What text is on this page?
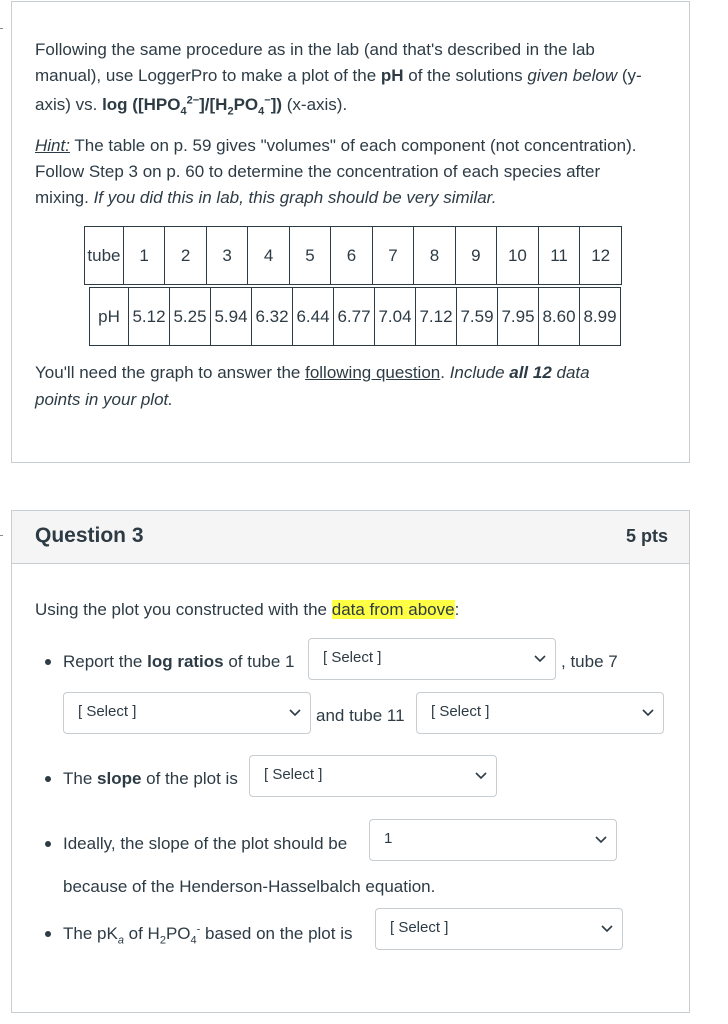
Following the same procedure as in the lab (and that's described in the lab

manual), use LoggerPro to make a plot of the pH of the solutions given below (y-

axis) vs. $\log ([HPO_4^{2-}]/[H_2PO_4^-])$ (x-axis).

Hint: The table on p. 59 gives "volumes" of each component (not concentration).

Follow Step 3 on p. 60 to determine the concentration of each species after

mixing. If you did this in lab, this graph should be very similar.

tube	1	2	3	4	5	6	7	8	9	10	11	12
pH	5.12	5.25	5.94	6.32	6.44	6.77	7.04	7.12	7.59	7.95	8.60	8.99

You'll need the graph to answer the following question. Include all 12 data

points in your plot.

Question 3	5 pts

Using the plot you constructed with the data from above:

Report the log ratios of tube 1 [ Select ]	, tube 7
[ Select ]	and tube 11 [ Select ]
The slope of the plot is [ Select ]
Ideally, the slope of the plot should be 1
because of the Henderson-Hasselbalch equation.
The $pK_a$ of $H_2PO_4^-$ based on the plot is	[ Select ]
